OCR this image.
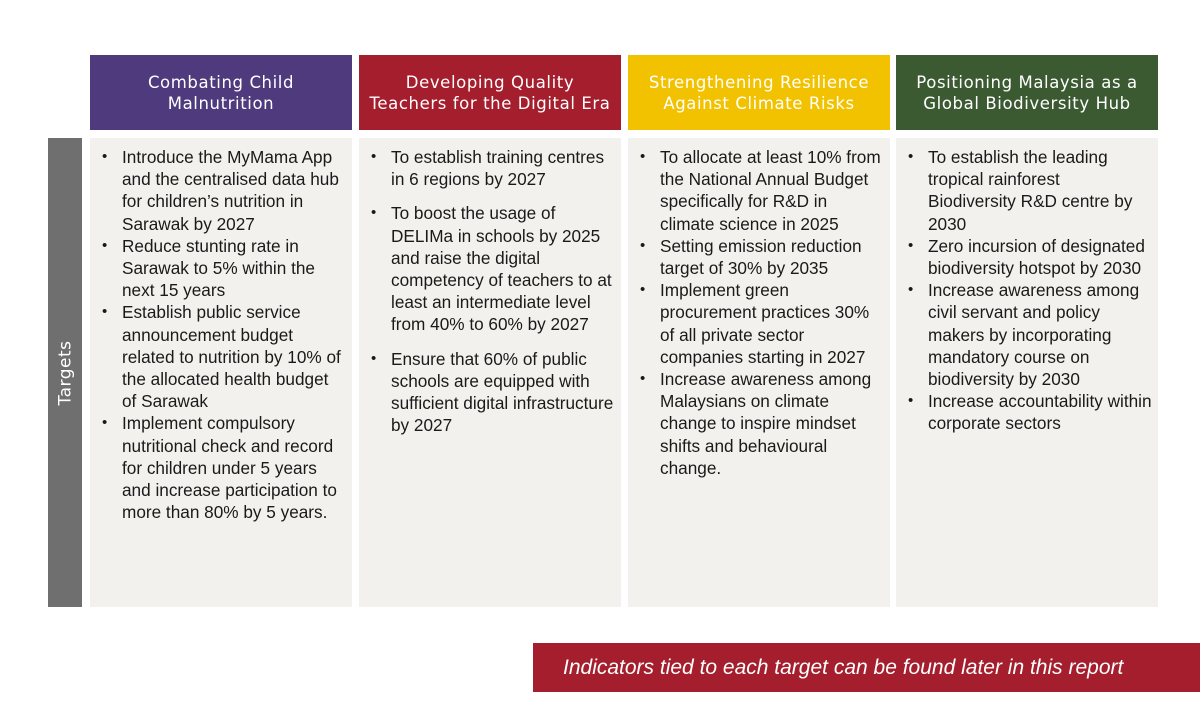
Targets
Combating Child Malnutrition
• Introduce the MyMama App and the centralised data hub for children’s nutrition in Sarawak by 2027
• Reduce stunting rate in Sarawak to 5% within the next 15 years
• Establish public service announcement budget related to nutrition by 10% of the allocated health budget of Sarawak
• Implement compulsory nutritional check and record for children under 5 years and increase participation to more than 80% by 5 years.
Developing Quality Teachers for the Digital Era
• To establish training centres in 6 regions by 2027
• To boost the usage of DELIMa in schools by 2025 and raise the digital competency of teachers to at least an intermediate level from 40% to 60% by 2027
• Ensure that 60% of public schools are equipped with sufficient digital infrastructure by 2027
Strengthening Resilience Against Climate Risks
• To allocate at least 10% from the National Annual Budget specifically for R&D in climate science in 2025
• Setting emission reduction target of 30% by 2035
• Implement green procurement practices 30% of all private sector companies starting in 2027
• Increase awareness among Malaysians on climate change to inspire mindset shifts and behavioural change.
Positioning Malaysia as a Global Biodiversity Hub
• To establish the leading tropical rainforest Biodiversity R&D centre by 2030
• Zero incursion of designated biodiversity hotspot by 2030
• Increase awareness among civil servant and policy makers by incorporating mandatory course on biodiversity by 2030
• Increase accountability within corporate sectors
Indicators tied to each target can be found later in this report
